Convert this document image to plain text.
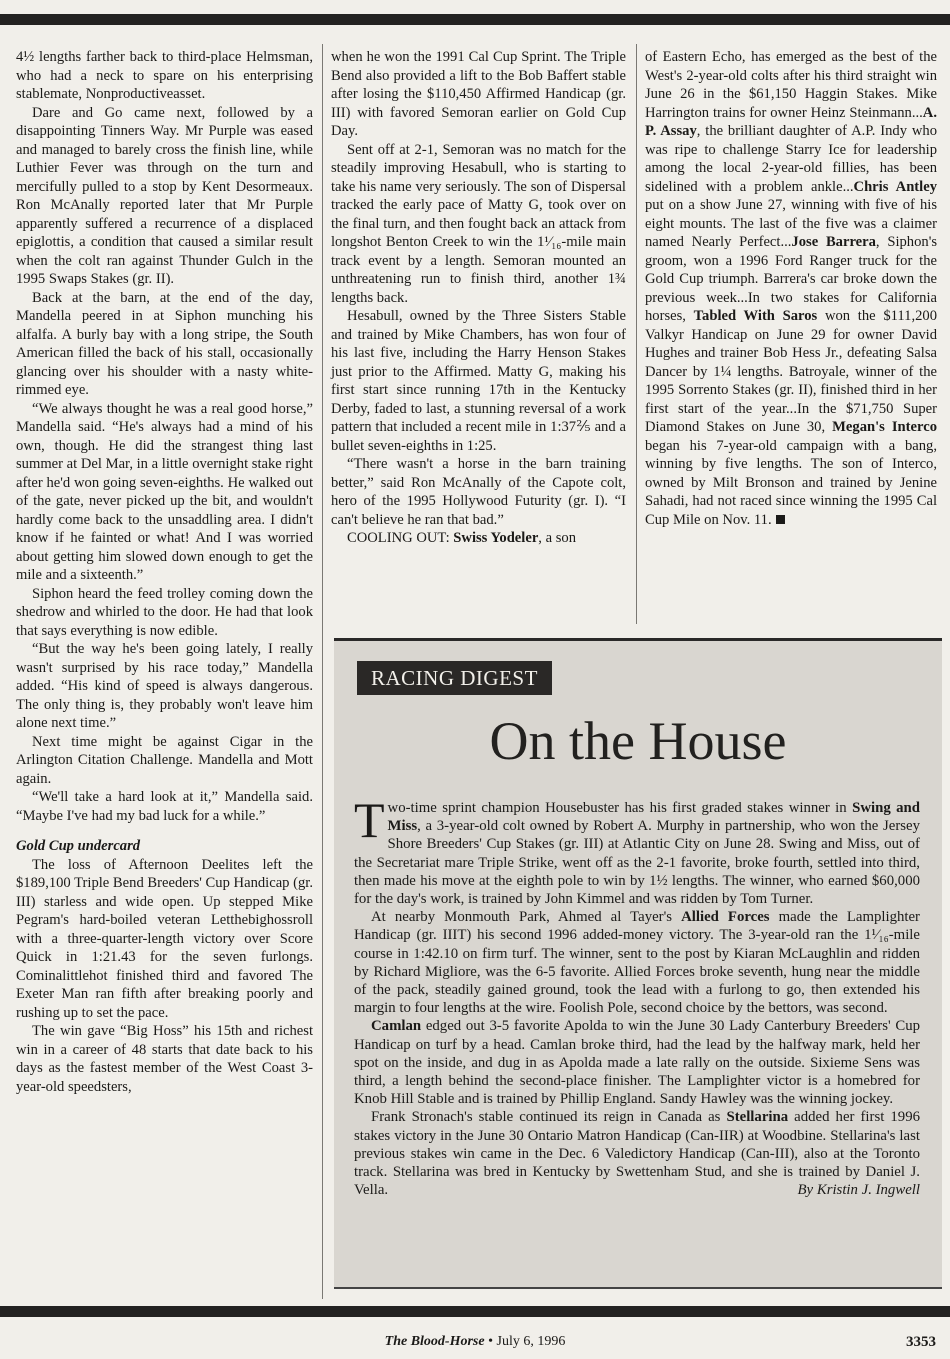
4½ lengths farther back to third-place Helmsman, who had a neck to spare on his enterprising stablemate, Nonproductiveasset.

Dare and Go came next, followed by a disappointing Tinners Way. Mr Purple was eased and managed to barely cross the finish line, while Luthier Fever was through on the turn and mercifully pulled to a stop by Kent Desormeaux. Ron McAnally reported later that Mr Purple apparently suffered a recurrence of a displaced epiglottis, a condition that caused a similar result when the colt ran against Thunder Gulch in the 1995 Swaps Stakes (gr. II).

Back at the barn, at the end of the day, Mandella peered in at Siphon munching his alfalfa. A burly bay with a long stripe, the South American filled the back of his stall, occasionally glancing over his shoulder with a nasty white-rimmed eye.

“We always thought he was a real good horse,” Mandella said. “He's always had a mind of his own, though. He did the strangest thing last summer at Del Mar, in a little overnight stake right after he'd won going seven-eighths. He walked out of the gate, never picked up the bit, and wouldn't hardly come back to the unsaddling area. I didn't know if he fainted or what! And I was worried about getting him slowed down enough to get the mile and a sixteenth.”

Siphon heard the feed trolley coming down the shedrow and whirled to the door. He had that look that says everything is now edible.

“But the way he's been going lately, I really wasn't surprised by his race today,” Mandella added. “His kind of speed is always dangerous. The only thing is, they probably won't leave him alone next time.”

Next time might be against Cigar in the Arlington Citation Challenge. Mandella and Mott again.

“We'll take a hard look at it,” Mandella said. “Maybe I've had my bad luck for a while.”

Gold Cup undercard

The loss of Afternoon Deelites left the $189,100 Triple Bend Breeders' Cup Handicap (gr. III) starless and wide open. Up stepped Mike Pegram's hard-boiled veteran Letthebighossroll with a three-quarter-length victory over Score Quick in 1:21.43 for the seven furlongs. Cominalittlehot finished third and favored The Exeter Man ran fifth after breaking poorly and rushing up to set the pace.

The win gave “Big Hoss” his 15th and richest win in a career of 48 starts that date back to his days as the fastest member of the West Coast 3-year-old speedsters,

when he won the 1991 Cal Cup Sprint. The Triple Bend also provided a lift to the Bob Baffert stable after losing the $110,450 Affirmed Handicap (gr. III) with favored Semoran earlier on Gold Cup Day.

Sent off at 2-1, Semoran was no match for the steadily improving Hesabull, who is starting to take his name very seriously. The son of Dispersal tracked the early pace of Matty G, took over on the final turn, and then fought back an attack from longshot Benton Creek to win the 1¹⁄₁₆-mile main track event by a length. Semoran mounted an unthreatening run to finish third, another 1¾ lengths back.

Hesabull, owned by the Three Sisters Stable and trained by Mike Chambers, has won four of his last five, including the Harry Henson Stakes just prior to the Affirmed. Matty G, making his first start since running 17th in the Kentucky Derby, faded to last, a stunning reversal of a work pattern that included a recent mile in 1:37⅖ and a bullet seven-eighths in 1:25.

“There wasn't a horse in the barn training better,” said Ron McAnally of the Capote colt, hero of the 1995 Hollywood Futurity (gr. I). “I can't believe he ran that bad.”

COOLING OUT: Swiss Yodeler, a son

of Eastern Echo, has emerged as the best of the West's 2-year-old colts after his third straight win June 26 in the $61,150 Haggin Stakes. Mike Harrington trains for owner Heinz Steinmann...A. P. Assay, the brilliant daughter of A.P. Indy who was ripe to challenge Starry Ice for leadership among the local 2-year-old fillies, has been sidelined with a problem ankle...Chris Antley put on a show June 27, winning with five of his eight mounts. The last of the five was a claimer named Nearly Perfect...Jose Barrera, Siphon's groom, won a 1996 Ford Ranger truck for the Gold Cup triumph. Barrera's car broke down the previous week...In two stakes for California horses, Tabled With Saros won the $111,200 Valkyr Handicap on June 29 for owner David Hughes and trainer Bob Hess Jr., defeating Salsa Dancer by 1¼ lengths. Batroyale, winner of the 1995 Sorrento Stakes (gr. II), finished third in her first start of the year...In the $71,750 Super Diamond Stakes on June 30, Megan's Interco began his 7-year-old campaign with a bang, winning by five lengths. The son of Interco, owned by Milt Bronson and trained by Jenine Sahadi, had not raced since winning the 1995 Cal Cup Mile on Nov. 11.

RACING DIGEST
On the House

Two-time sprint champion Housebuster has his first graded stakes winner in Swing and Miss, a 3-year-old colt owned by Robert A. Murphy in partnership, who won the Jersey Shore Breeders' Cup Stakes (gr. III) at Atlantic City on June 28. Swing and Miss, out of the Secretariat mare Triple Strike, went off as the 2-1 favorite, broke fourth, settled into third, then made his move at the eighth pole to win by 1½ lengths. The winner, who earned $60,000 for the day's work, is trained by John Kimmel and was ridden by Tom Turner.

At nearby Monmouth Park, Ahmed al Tayer's Allied Forces made the Lamplighter Handicap (gr. IIIT) his second 1996 added-money victory. The 3-year-old ran the 1¹⁄₁₆-mile course in 1:42.10 on firm turf. The winner, sent to the post by Kiaran McLaughlin and ridden by Richard Migliore, was the 6-5 favorite. Allied Forces broke seventh, hung near the middle of the pack, steadily gained ground, took the lead with a furlong to go, then extended his margin to four lengths at the wire. Foolish Pole, second choice by the bettors, was second.

Camlan edged out 3-5 favorite Apolda to win the June 30 Lady Canterbury Breeders' Cup Handicap on turf by a head. Camlan broke third, had the lead by the halfway mark, held her spot on the inside, and dug in as Apolda made a late rally on the outside. Sixieme Sens was third, a length behind the second-place finisher. The Lamplighter victor is a homebred for Knob Hill Stable and is trained by Phillip England. Sandy Hawley was the winning jockey.

Frank Stronach's stable continued its reign in Canada as Stellarina added her first 1996 stakes victory in the June 30 Ontario Matron Handicap (Can-IIR) at Woodbine. Stellarina's last previous stakes win came in the Dec. 6 Valedictory Handicap (Can-III), also at the Toronto track. Stellarina was bred in Kentucky by Swettenham Stud, and she is trained by Daniel J. Vella.	By Kristin J. Ingwell

The Blood-Horse • July 6, 1996	3353
